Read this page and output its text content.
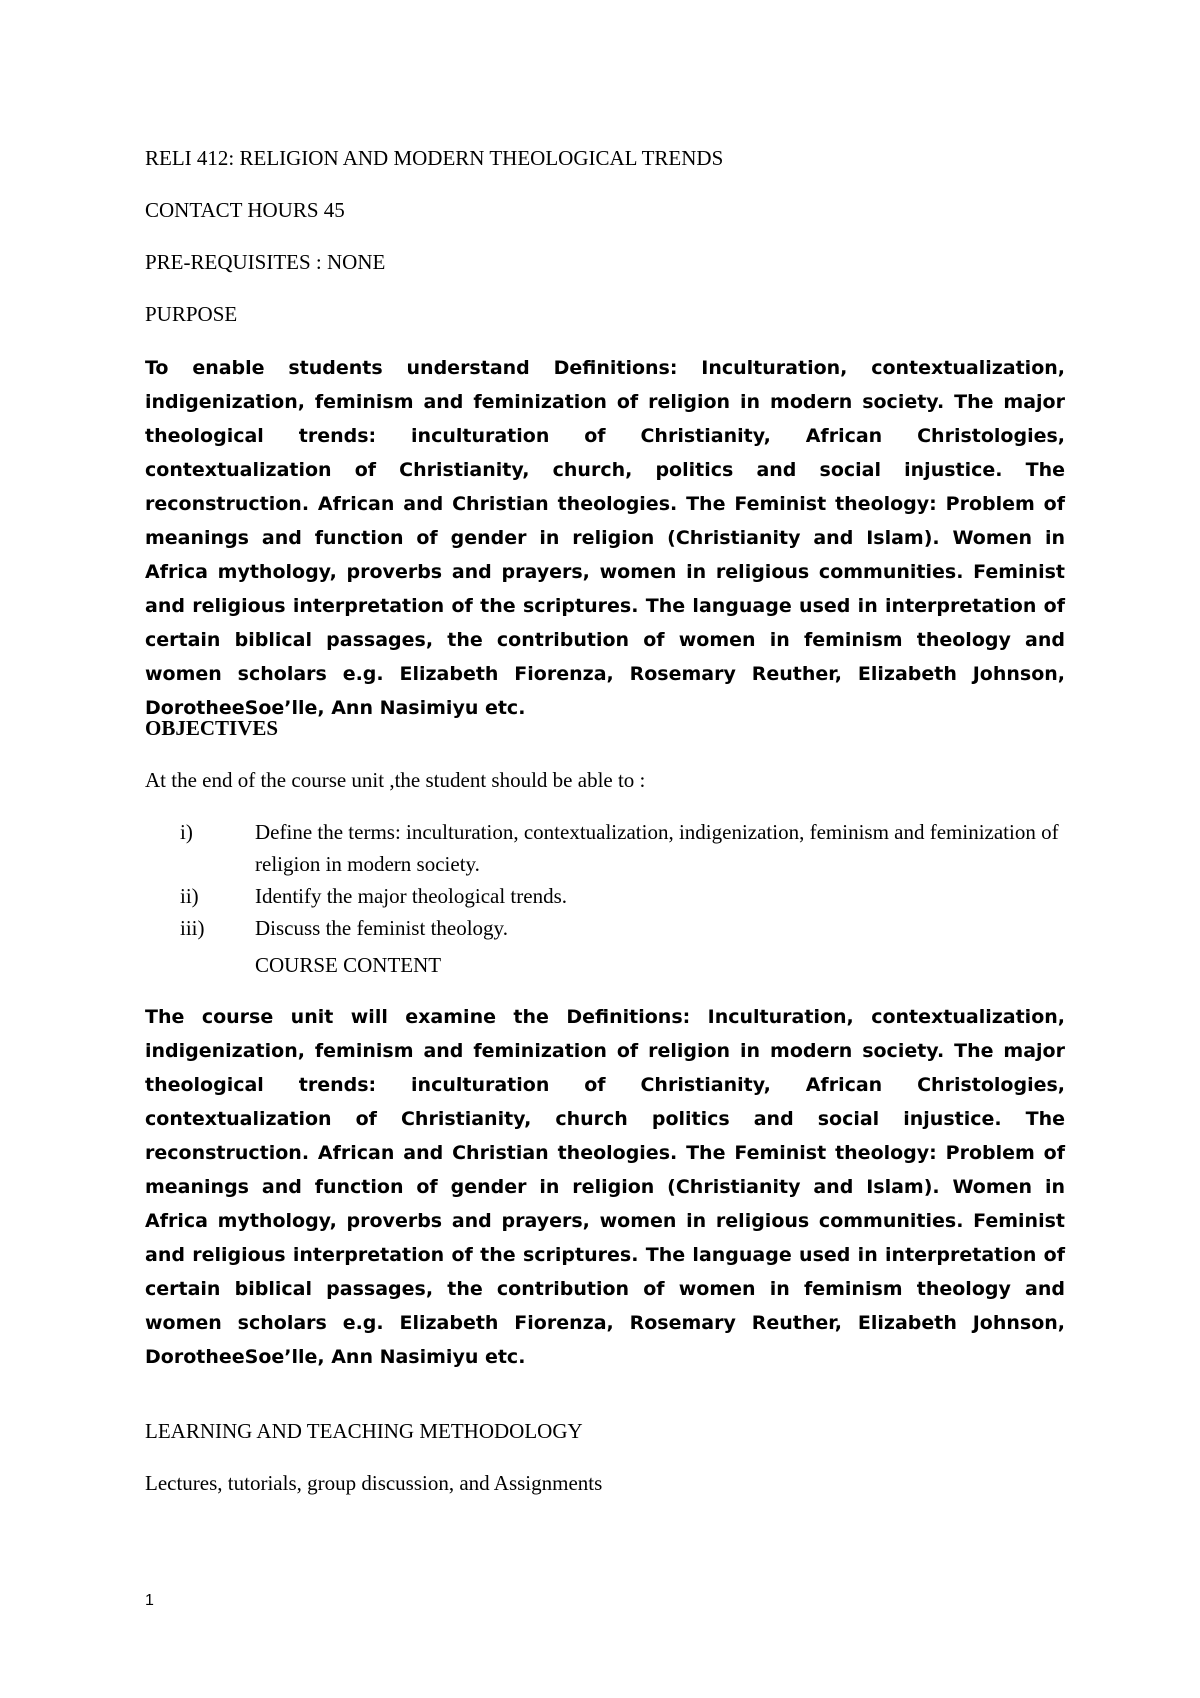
RELI 412: RELIGION AND MODERN THEOLOGICAL TRENDS
CONTACT HOURS 45
PRE-REQUISITES : NONE
PURPOSE

To enable students understand Definitions: Inculturation, contextualization, indigenization, feminism and feminization of religion in modern society. The major theological trends: inculturation of Christianity, African Christologies, contextualization of Christianity, church, politics and social injustice. The reconstruction. African and Christian theologies. The Feminist theology: Problem of meanings and function of gender in religion (Christianity and Islam). Women in Africa mythology, proverbs and prayers, women in religious communities. Feminist and religious interpretation of the scriptures. The language used in interpretation of certain biblical passages, the contribution of women in feminism theology and women scholars e.g. Elizabeth Fiorenza, Rosemary Reuther, Elizabeth Johnson, DorotheeSoe’lle, Ann Nasimiyu etc.

OBJECTIVES
At the end of the course unit ,the student should be able to :
i)	Define the terms: inculturation, contextualization, indigenization, feminism and feminization of religion in modern society.
ii)	Identify the major theological trends.
iii) Discuss the feminist theology.
COURSE CONTENT

The course unit will examine the Definitions: Inculturation, contextualization, indigenization, feminism and feminization of religion in modern society. The major theological trends: inculturation of Christianity, African Christologies, contextualization of Christianity, church politics and social injustice. The reconstruction. African and Christian theologies. The Feminist theology: Problem of meanings and function of gender in religion (Christianity and Islam). Women in Africa mythology, proverbs and prayers, women in religious communities. Feminist and religious interpretation of the scriptures. The language used in interpretation of certain biblical passages, the contribution of women in feminism theology and women scholars e.g. Elizabeth Fiorenza, Rosemary Reuther, Elizabeth Johnson, DorotheeSoe’lle, Ann Nasimiyu etc.

LEARNING AND TEACHING METHODOLOGY
Lectures, tutorials, group discussion, and Assignments
1
